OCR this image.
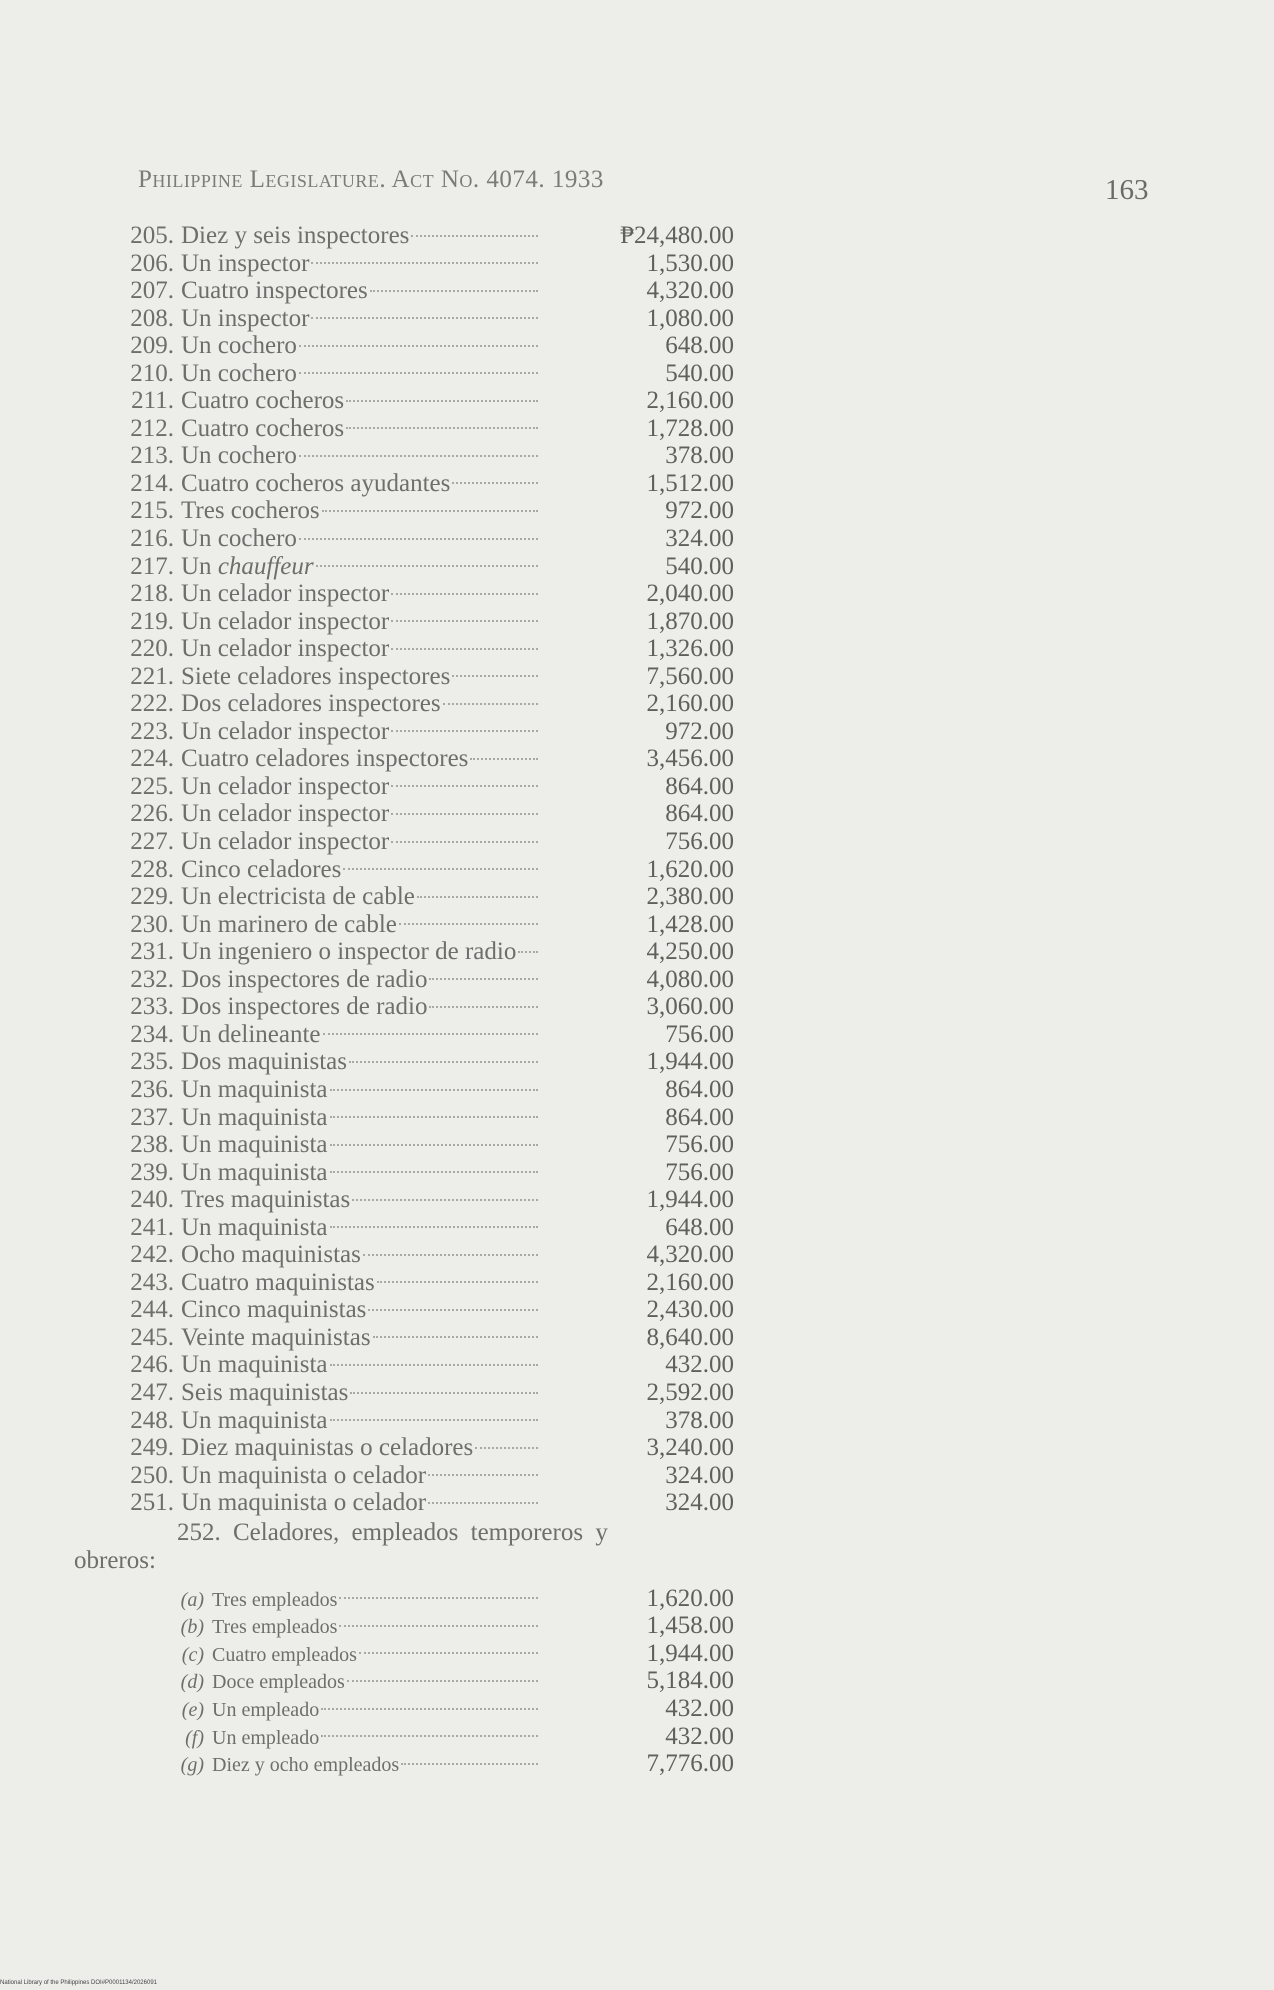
Philippine Legislature. Act No. 4074. 1933	163
205. Diez y seis inspectores	₱24,480.00
206. Un inspector	1,530.00
207. Cuatro inspectores	4,320.00
208. Un inspector	1,080.00
209. Un cochero	648.00
210. Un cochero	540.00
211. Cuatro cocheros	2,160.00
212. Cuatro cocheros	1,728.00
213. Un cochero	378.00
214. Cuatro cocheros ayudantes	1,512.00
215. Tres cocheros	972.00
216. Un cochero	324.00
217. Un chauffeur	540.00
218. Un celador inspector	2,040.00
219. Un celador inspector	1,870.00
220. Un celador inspector	1,326.00
221. Siete celadores inspectores	7,560.00
222. Dos celadores inspectores	2,160.00
223. Un celador inspector	972.00
224. Cuatro celadores inspectores	3,456.00
225. Un celador inspector	864.00
226. Un celador inspector	864.00
227. Un celador inspector	756.00
228. Cinco celadores	1,620.00
229. Un electricista de cable	2,380.00
230. Un marinero de cable	1,428.00
231. Un ingeniero o inspector de radio	4,250.00
232. Dos inspectores de radio	4,080.00
233. Dos inspectores de radio	3,060.00
234. Un delineante	756.00
235. Dos maquinistas	1,944.00
236. Un maquinista	864.00
237. Un maquinista	864.00
238. Un maquinista	756.00
239. Un maquinista	756.00
240. Tres maquinistas	1,944.00
241. Un maquinista	648.00
242. Ocho maquinistas	4,320.00
243. Cuatro maquinistas	2,160.00
244. Cinco maquinistas	2,430.00
245. Veinte maquinistas	8,640.00
246. Un maquinista	432.00
247. Seis maquinistas	2,592.00
248. Un maquinista	378.00
249. Diez maquinistas o celadores	3,240.00
250. Un maquinista o celador	324.00
251. Un maquinista o celador	324.00
252. Celadores, empleados temporeros y
obreros:
(a) Tres empleados	1,620.00
(b) Tres empleados	1,458.00
(c) Cuatro empleados	1,944.00
(d) Doce empleados	5,184.00
(e) Un empleado	432.00
(f) Un empleado	432.00
(g) Diez y ocho empleados	7,776.00
National Library of the Philippines DOI#P0001134/2026091
